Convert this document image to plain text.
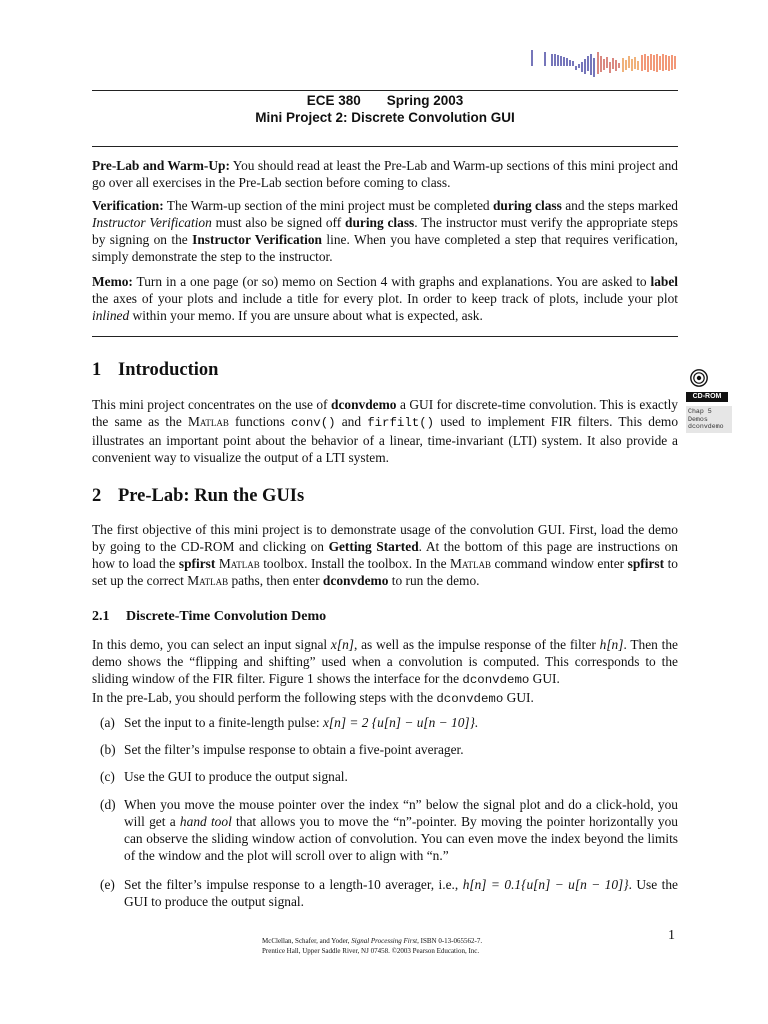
ECE 380 Spring 2003
Mini Project 2: Discrete Convolution GUI
Pre-Lab and Warm-Up: You should read at least the Pre-Lab and Warm-up sections of this mini project and go over all exercises in the Pre-Lab section before coming to class.
Verification: The Warm-up section of the mini project must be completed during class and the steps marked Instructor Verification must also be signed off during class. The instructor must verify the appropriate steps by signing on the Instructor Verification line. When you have completed a step that requires verification, simply demonstrate the step to the instructor.
Memo: Turn in a one page (or so) memo on Section 4 with graphs and explanations. You are asked to label the axes of your plots and include a title for every plot. In order to keep track of plots, include your plot inlined within your memo. If you are unsure about what is expected, ask.
1 Introduction
This mini project concentrates on the use of dconvdemo a GUI for discrete-time convolution. This is exactly the same as the Matlab functions conv() and firfilt() used to implement FIR filters. This demo illustrates an important point about the behavior of a linear, time-invariant (LTI) system. It also provide a convenient way to visualize the output of a LTI system.
CD-ROM
Chap 5
Demos
dconvdemo
2 Pre-Lab: Run the GUIs
The first objective of this mini project is to demonstrate usage of the convolution GUI. First, load the demo by going to the CD-ROM and clicking on Getting Started. At the bottom of this page are instructions on how to load the spfirst Matlab toolbox. Install the toolbox. In the Matlab command window enter spfirst to set up the correct Matlab paths, then enter dconvdemo to run the demo.
2.1 Discrete-Time Convolution Demo
In this demo, you can select an input signal x[n], as well as the impulse response of the filter h[n]. Then the demo shows the “flipping and shifting” used when a convolution is computed. This corresponds to the sliding window of the FIR filter. Figure 1 shows the interface for the dconvdemo GUI.
In the pre-Lab, you should perform the following steps with the dconvdemo GUI.
(a) Set the input to a finite-length pulse: x[n] = 2 {u[n] − u[n − 10]}.
(b) Set the filter’s impulse response to obtain a five-point averager.
(c) Use the GUI to produce the output signal.
(d) When you move the mouse pointer over the index “n” below the signal plot and do a click-hold, you will get a hand tool that allows you to move the “n”-pointer. By moving the pointer horizontally you can observe the sliding window action of convolution. You can even move the index beyond the limits of the window and the plot will scroll over to align with “n.”
(e) Set the filter’s impulse response to a length-10 averager, i.e., h[n] = 0.1{u[n] − u[n − 10]}. Use the GUI to produce the output signal.
McClellan, Schafer, and Yoder, Signal Processing First, ISBN 0-13-065562-7.
Prentice Hall, Upper Saddle River, NJ 07458. ©2003 Pearson Education, Inc.
1
